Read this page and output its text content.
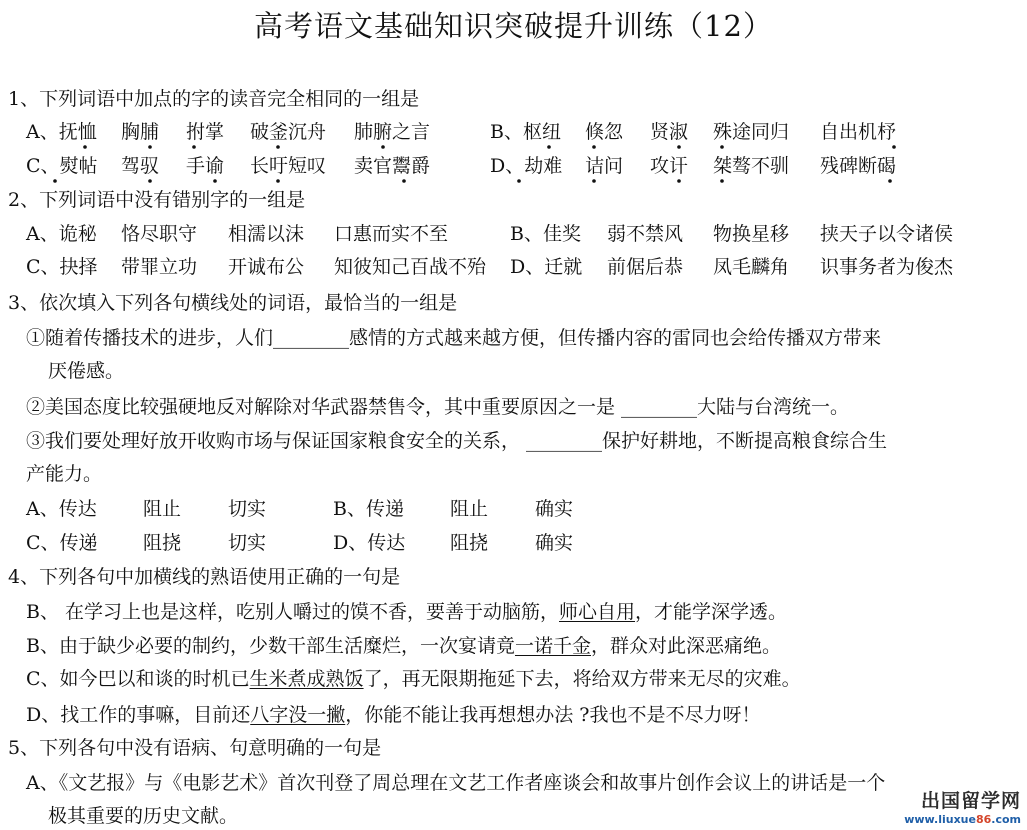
高考语文基础知识突破提升训练（12）
1、下列词语中加点的字的读音完全相同的一组是
A、抚恤 胸脯 拊掌 破釜沉舟 肺腑之言	B、枢纽 倏忽 贤淑 殊途同归 自出机杼
C、熨帖 驾驭 手谕 长吁短叹 卖官鬻爵	D、劫难 诘问 攻讦 桀骜不驯 残碑断碣
2、下列词语中没有错别字的一组是
A、诡秘 恪尽职守 相濡以沫 口惠而实不至	B、佳奖 弱不禁风 物换星移 挟天子以令诸侯
C、抉择 带罪立功 开诚布公 知彼知己百战不殆 D、迁就 前倨后恭 凤毛麟角 识事务者为俊杰
3、依次填入下列各句横线处的词语，最恰当的一组是
①随着传播技术的进步，人们________感情的方式越来越方便，但传播内容的雷同也会给传播双方带来
厌倦感。
②美国态度比较强硬地反对解除对华武器禁售令，其中重要原因之一是 ________大陆与台湾统一。
③我们要处理好放开收购市场与保证国家粮食安全的关系， ________保护好耕地，不断提高粮食综合生
产能力。
A、传达 阻止 切实	B、传递 阻止 确实
C、传递 阻挠 切实	D、传达 阻挠 确实
4、下列各句中加横线的熟语使用正确的一句是
B、 在学习上也是这样，吃别人嚼过的馍不香，要善于动脑筋，师心自用，才能学深学透。
B、由于缺少必要的制约，少数干部生活糜烂，一次宴请竟一诺千金，群众对此深恶痛绝。
C、如今巴以和谈的时机已生米煮成熟饭了，再无限期拖延下去，将给双方带来无尽的灾难。
D、找工作的事嘛，目前还八字没一撇，你能不能让我再想想办法 ?我也不是不尽力呀！
5、下列各句中没有语病、句意明确的一句是
A、《文艺报》与《电影艺术》首次刊登了周总理在文艺工作者座谈会和故事片创作会议上的讲话是一个
极其重要的历史文献。
出国留学网
www.liuxue86.com
